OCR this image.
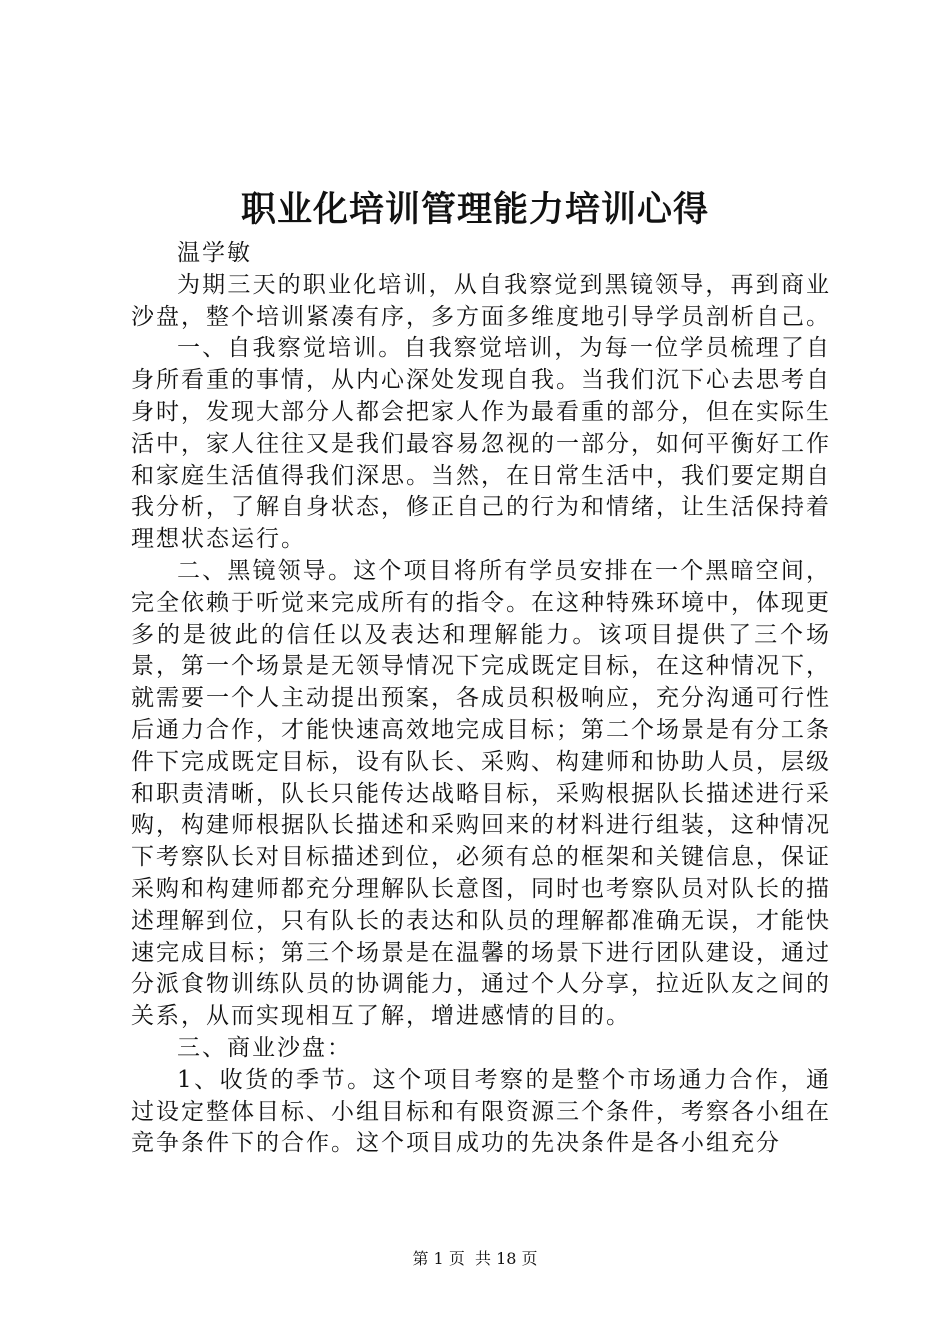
职业化培训管理能力培训心得

温学敏

为期三天的职业化培训，从自我察觉到黑镜领导，再到商业沙盘，整个培训紧凑有序，多方面多维度地引导学员剖析自己。

一、自我察觉培训。自我察觉培训，为每一位学员梳理了自身所看重的事情，从内心深处发现自我。当我们沉下心去思考自身时，发现大部分人都会把家人作为最看重的部分，但在实际生活中，家人往往又是我们最容易忽视的一部分，如何平衡好工作和家庭生活值得我们深思。当然，在日常生活中，我们要定期自我分析，了解自身状态，修正自己的行为和情绪，让生活保持着理想状态运行。

二、黑镜领导。这个项目将所有学员安排在一个黑暗空间，完全依赖于听觉来完成所有的指令。在这种特殊环境中，体现更多的是彼此的信任以及表达和理解能力。该项目提供了三个场景，第一个场景是无领导情况下完成既定目标，在这种情况下，就需要一个人主动提出预案，各成员积极响应，充分沟通可行性后通力合作，才能快速高效地完成目标；第二个场景是有分工条件下完成既定目标，设有队长、采购、构建师和协助人员，层级和职责清晰，队长只能传达战略目标，采购根据队长描述进行采购，构建师根据队长描述和采购回来的材料进行组装，这种情况下考察队长对目标描述到位，必须有总的框架和关键信息，保证采购和构建师都充分理解队长意图，同时也考察队员对队长的描述理解到位，只有队长的表达和队员的理解都准确无误，才能快速完成目标；第三个场景是在温馨的场景下进行团队建设，通过分派食物训练队员的协调能力，通过个人分享，拉近队友之间的关系，从而实现相互了解，增进感情的目的。

三、商业沙盘：

1、收货的季节。这个项目考察的是整个市场通力合作，通过设定整体目标、小组目标和有限资源三个条件，考察各小组在竞争条件下的合作。这个项目成功的先决条件是各小组充分

第 1 页  共 18 页
